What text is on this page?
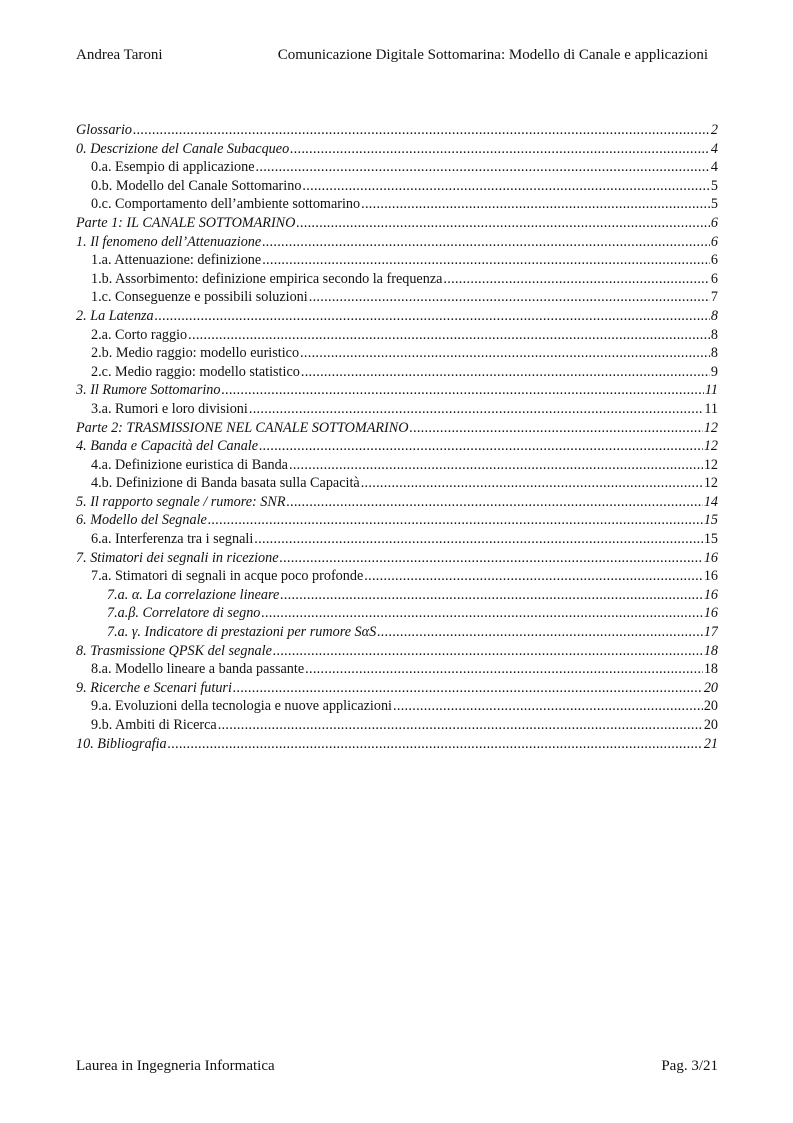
Andrea Taroni	Comunicazione Digitale Sottomarina: Modello di Canale e applicazioni
Glossario .....	2
0. Descrizione del Canale Subacqueo .....	4
0.a. Esempio di applicazione .....	4
0.b. Modello del Canale Sottomarino .....	5
0.c. Comportamento dell’ambiente sottomarino .....	5
Parte 1: IL CANALE SOTTOMARINO .....	6
1. Il fenomeno dell’Attenuazione .....	6
1.a. Attenuazione: definizione .....	6
1.b. Assorbimento: definizione empirica secondo la frequenza .....	6
1.c. Conseguenze e possibili soluzioni .....	7
2. La Latenza .....	8
2.a. Corto raggio .....	8
2.b. Medio raggio: modello euristico .....	8
2.c. Medio raggio: modello statistico .....	9
3. Il Rumore Sottomarino .....	11
3.a. Rumori e loro divisioni .....	11
Parte 2: TRASMISSIONE NEL CANALE SOTTOMARINO .....	12
4. Banda e Capacità del Canale .....	12
4.a. Definizione euristica di Banda .....	12
4.b. Definizione di Banda basata sulla Capacità .....	12
5. Il rapporto segnale / rumore: SNR .....	14
6. Modello del Segnale .....	15
6.a. Interferenza tra i segnali .....	15
7. Stimatori dei segnali in ricezione .....	16
7.a. Stimatori di segnali in acque poco profonde .....	16
7.a. α. La correlazione lineare .....	16
7.a.β. Correlatore di segno .....	16
7.a. γ. Indicatore di prestazioni per rumore SαS .....	17
8. Trasmissione QPSK del segnale .....	18
8.a. Modello lineare a banda passante .....	18
9. Ricerche e Scenari futuri .....	20
9.a. Evoluzioni della tecnologia e nuove applicazioni .....	20
9.b. Ambiti di Ricerca .....	20
10. Bibliografia .....	21
Laurea in Ingegneria Informatica	Pag. 3/21
